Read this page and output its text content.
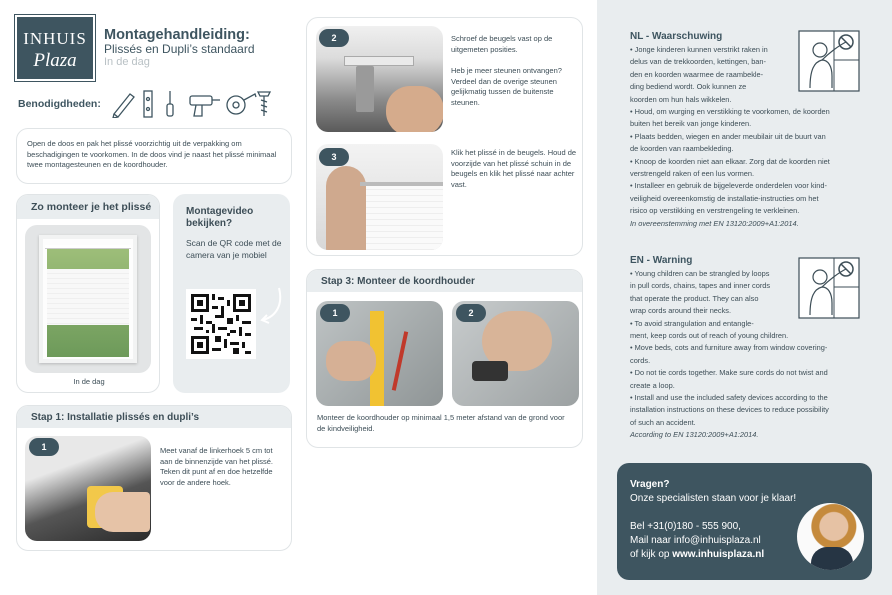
INHUIS
Plaza
Montagehandleiding:
Plissés en Dupli’s standaard
In de dag
Benodigdheden:
Open de doos en pak het plissé voorzichtig uit de verpakking om beschadigingen te voorkomen. In de doos vind je naast het plissé minimaal twee montagesteunen en de koordhouder.
Zo monteer je het plissé
In de dag
Montagevideo bekijken?
Scan de QR code met de camera van je mobiel
Stap 1: Installatie plissés en dupli’s
1	Meet vanaf de linkerhoek 5 cm tot aan de binnenzijde van het plissé. Teken dit punt af en doe hetzelfde voor de andere hoek.
2	Schroef de beugels vast op de uitgemeten posities.
Heb je meer steunen ontvangen? Verdeel dan de overige steunen gelijkmatig tussen de buitenste steunen.
3	Klik het plissé in de beugels. Houd de voorzijde van het plissé schuin in de beugels en klik het plissé naar achter vast.
Stap 3: Monteer de koordhouder
1	2
Monteer de koordhouder op minimaal 1,5 meter afstand van de grond voor de kindveiligheid.
NL - Waarschuwing
• Jonge kinderen kunnen verstrikt raken in
delus van de trekkoorden, kettingen, ban-
den en koorden waarmee de raambekle-
ding bediend wordt. Ook kunnen ze
koorden om hun hals wikkelen.
• Houd, om wurging en verstikking te voorkomen, de koorden
buiten het bereik van jonge kinderen.
• Plaats bedden, wiegen en ander meubilair uit de buurt van
de koorden van raambekleding.
• Knoop de koorden niet aan elkaar. Zorg dat de koorden niet
verstrengeld raken of een lus vormen.
• Installeer en gebruik de bijgeleverde onderdelen voor kind-
veiligheid overeenkomstig de installatie-instructies om het
risico op verstikking en verstrengeling te verkleinen.
In overeenstemming met EN 13120:2009+A1:2014.
EN - Warning
• Young children can be strangled by loops
in pull cords, chains, tapes and inner cords
that operate the product. They can also
wrap cords around their necks.
• To avoid strangulation and entangle-
ment, keep cords out of reach of young children.
• Move beds, cots and furniture away from window covering-
cords.
• Do not tie cords together. Make sure cords do not twist and
create a loop.
• Install and use the included safety devices according to the
installation instructions on these devices to reduce possibility
of such an accident.
According to EN 13120:2009+A1:2014.
Vragen?
Onze specialisten staan voor je klaar!
Bel +31(0)180 - 555 900,
Mail naar info@inhuisplaza.nl
of kijk op www.inhuisplaza.nl
